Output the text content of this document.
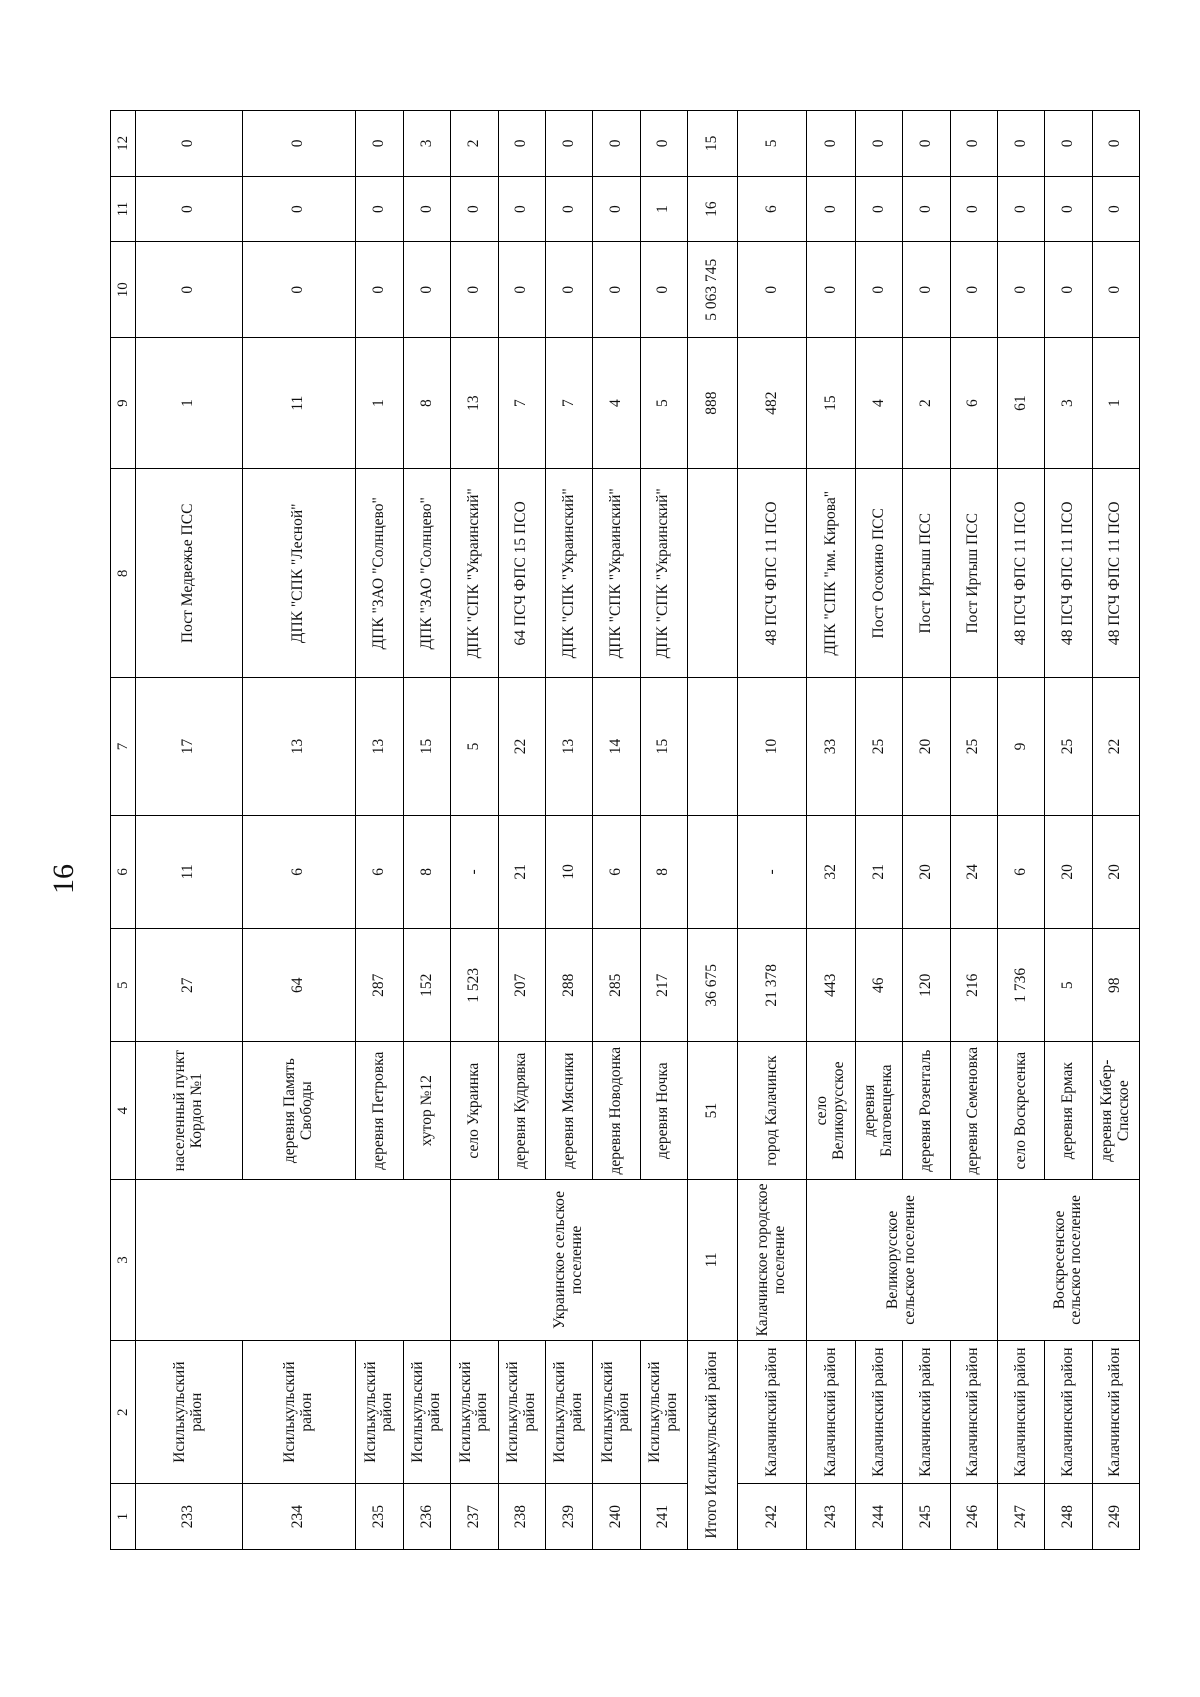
16
1	2	3	4	5	6	7	8	9	10	11	12
233	Исилькульский район		населенный пункт Кордон №1	27	11	17	Пост Медвежье ПСС	1	0	0	0
234	Исилькульский район		деревня Память Свободы	64	6	13	ДПК "СПК "Лесной"	11	0	0	0
235	Исилькульский район		деревня Петровка	287	6	13	ДПК "ЗАО "Солнцево"	1	0	0	0
236	Исилькульский район		хутор №12	152	8	15	ДПК "ЗАО "Солнцево"	8	0	0	3
237	Исилькульский район	Украинское сельское поселение	село Украинка	1 523	-	5	ДПК "СПК "Украинский"	13	0	0	2
238	Исилькульский район		деревня Кудрявка	207	21	22	64 ПСЧ ФПС 15 ПСО	7	0	0	0
239	Исилькульский район		деревня Мясники	288	10	13	ДПК "СПК "Украинский"	7	0	0	0
240	Исилькульский район		деревня Новодонка	285	6	14	ДПК "СПК "Украинский"	4	0	0	0
241	Исилькульский район		деревня Ночка	217	8	15	ДПК "СПК "Украинский"	5	0	1	0
Итого Исилькульский район		11	51	36 675				888	5 063 745	16	15
242	Калачинский район	Калачинское городское поселение	город Калачинск	21 378	-	10	48 ПСЧ ФПС 11 ПСО	482	0	6	5
243	Калачинский район	Великорусское сельское поселение	село Великорусское	443	32	33	ДПК "СПК "им. Кирова"	15	0	0	0
244	Калачинский район		деревня Благовещенка	46	21	25	Пост Осокино ПСС	4	0	0	0
245	Калачинский район		деревня Розенталь	120	20	20	Пост Иртыш ПСС	2	0	0	0
246	Калачинский район		деревня Семеновка	216	24	25	Пост Иртыш ПСС	6	0	0	0
247	Калачинский район	Воскресенское сельское поселение	село Воскресенка	1 736	6	9	48 ПСЧ ФПС 11 ПСО	61	0	0	0
248	Калачинский район		деревня Ермак	5	20	25	48 ПСЧ ФПС 11 ПСО	3	0	0	0
249	Калачинский район		деревня Кибер-Спасское	98	20	22	48 ПСЧ ФПС 11 ПСО	1	0	0	0
